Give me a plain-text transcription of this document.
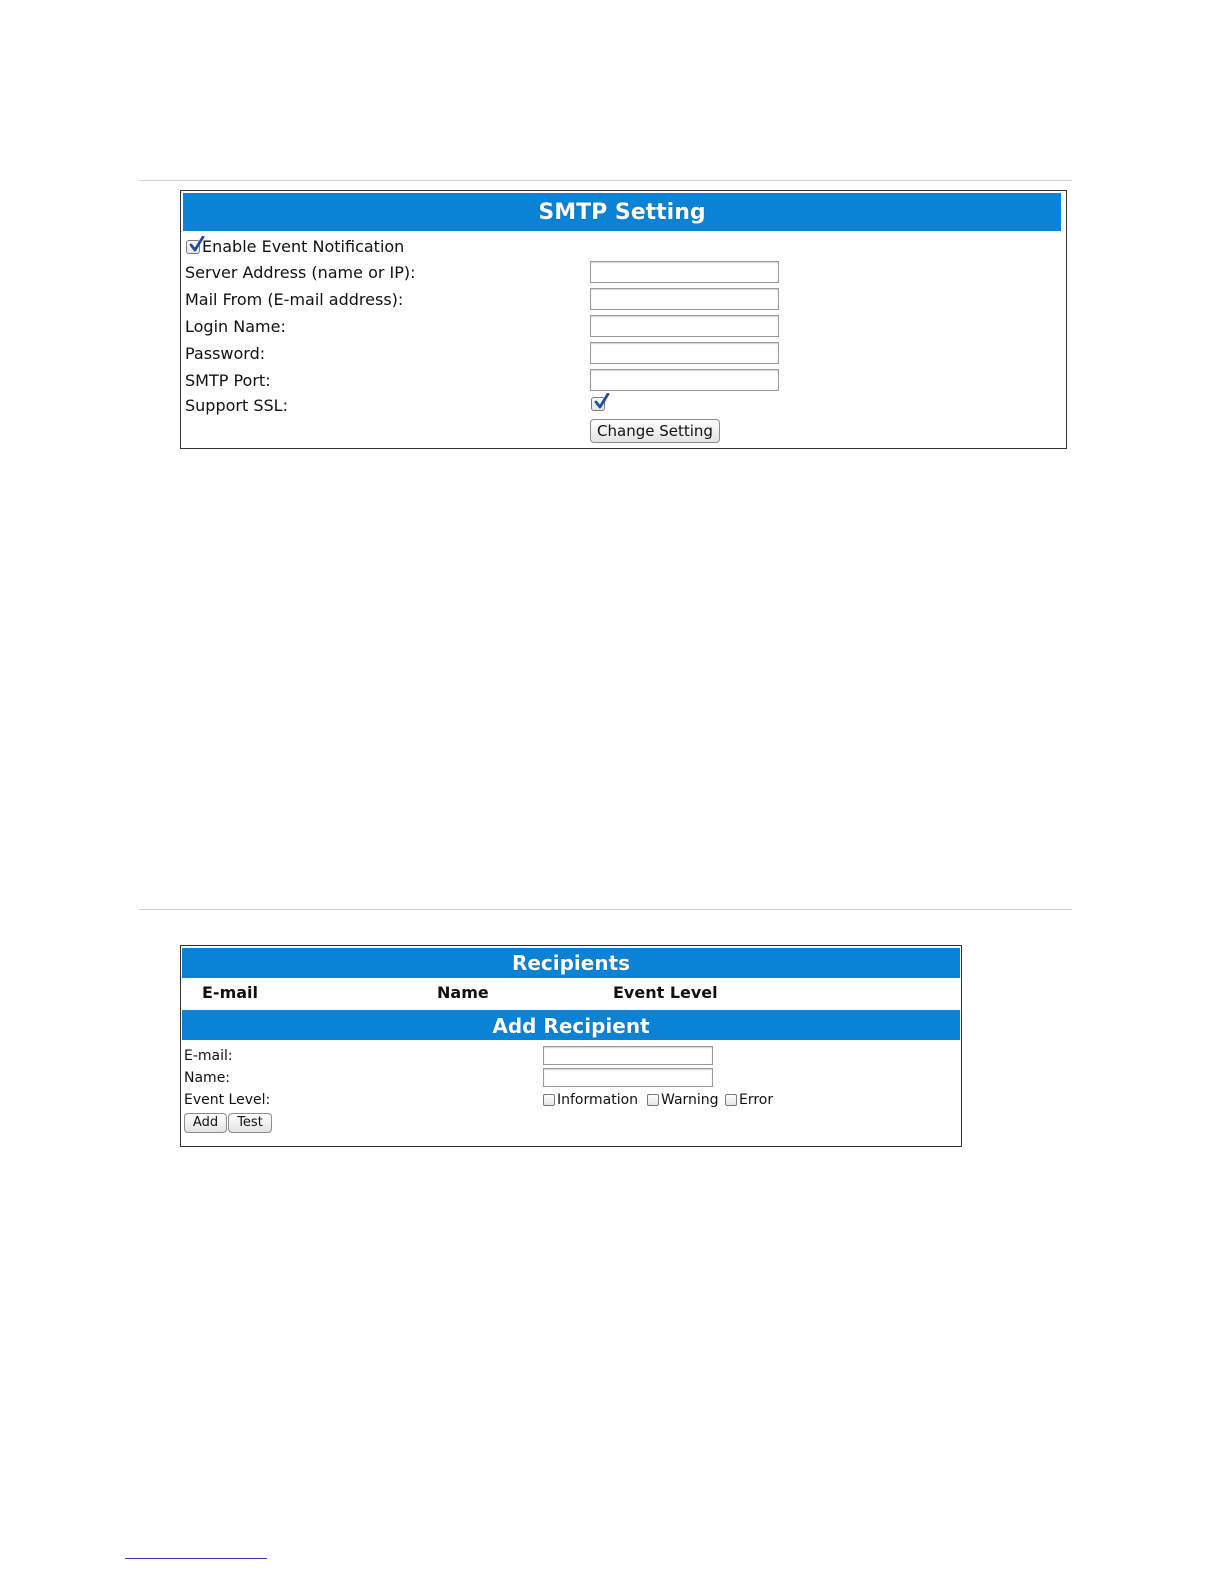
SMTP Setting
Enable Event Notification
Server Address (name or IP):
Mail From (E-mail address):
Login Name:
Password:
SMTP Port:
Support SSL:
Change Setting
Recipients
E-mail	Name	Event Level
Add Recipient
E-mail:
Name:
Event Level:	Information Warning Error
Add	Test
